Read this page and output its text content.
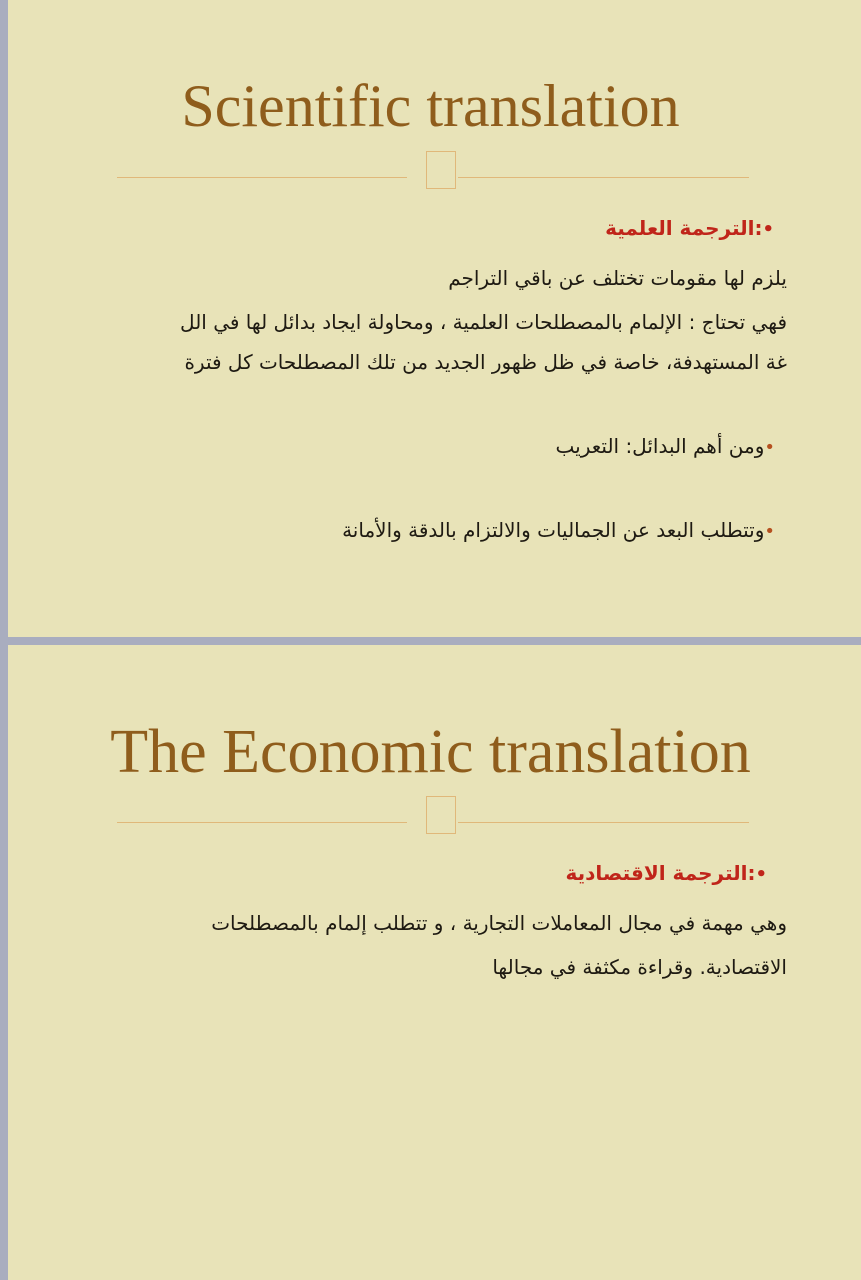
Scientific translation
•:الترجمة العلمية
يلزم لها مقومات تختلف عن باقي التراجم
فهي تحتاج : الإلمام بالمصطلحات العلمية ، ومحاولة ايجاد بدائل لها في الل
غة المستهدفة، خاصة في ظل ظهور الجديد من تلك المصطلحات كل فترة
•ومن أهم البدائل: التعريب
•وتتطلب البعد عن الجماليات والالتزام بالدقة والأمانة
The Economic translation
•:الترجمة الاقتصادية
وهي مهمة في مجال المعاملات التجارية ، و تتطلب إلمام بالمصطلحات
الاقتصادية. وقراءة مكثفة في مجالها
